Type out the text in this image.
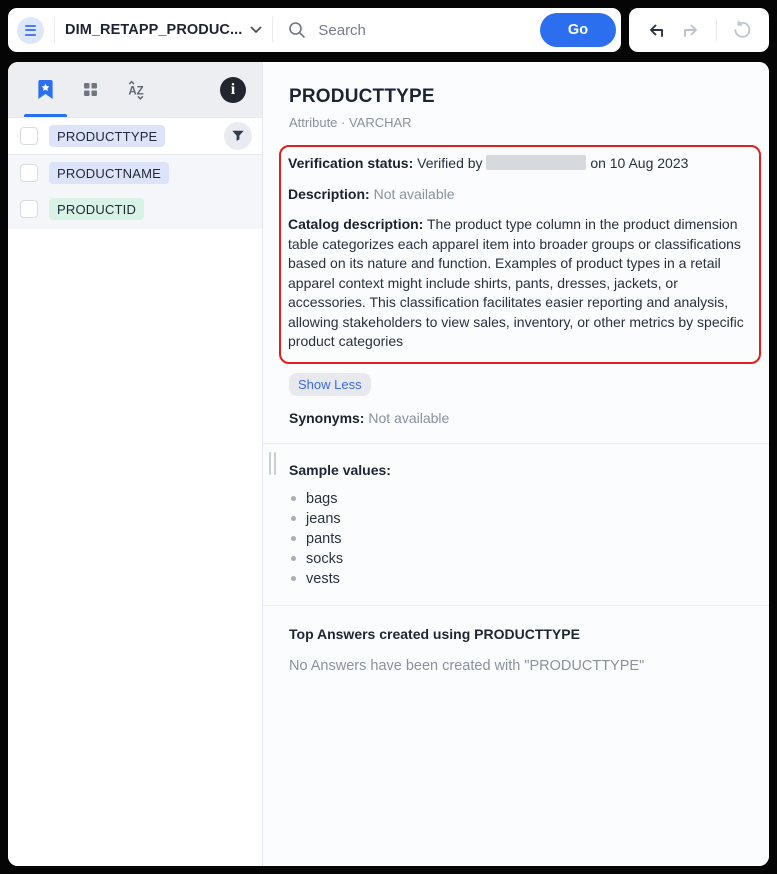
DIM_RETAPP_PRODUC...
Search	Go
AZ	i
PRODUCTTYPE
PRODUCTNAME
PRODUCTID
PRODUCTTYPE
Attribute · VARCHAR

Verification status: Verified by	on 10 Aug 2023

Description: Not available

Catalog description: The product type column in the product dimension table categorizes each apparel item into broader groups or classifications based on its nature and function. Examples of product types in a retail apparel context might include shirts, pants, dresses, jackets, or accessories. This classification facilitates easier reporting and analysis, allowing stakeholders to view sales, inventory, or other metrics by specific product categories

Show Less

Synonyms: Not available

Sample values:

bags
jeans
pants
socks
vests

Top Answers created using PRODUCTTYPE

No Answers have been created with "PRODUCTTYPE"
